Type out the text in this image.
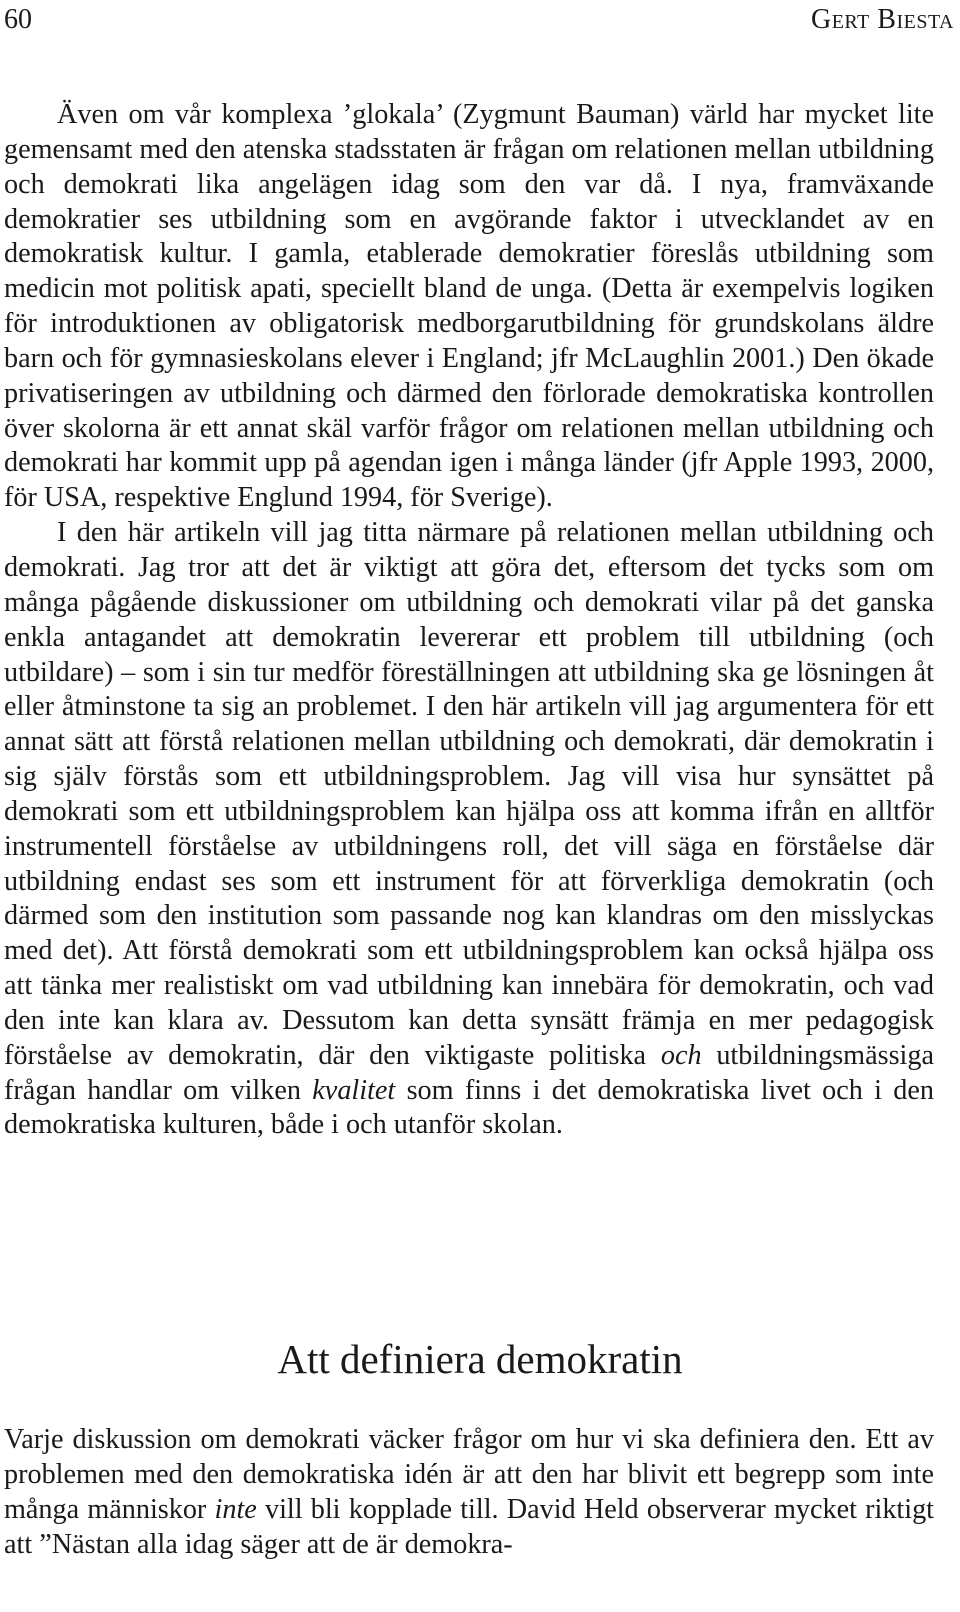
60	Gert Biesta

Även om vår komplexa ’glokala’ (Zygmunt Bauman) värld har mycket lite gemensamt med den atenska stadsstaten är frågan om relationen mellan utbildning och demokrati lika angelägen idag som den var då. I nya, framväxande demokratier ses utbildning som en avgörande faktor i utvecklandet av en demokratisk kultur. I gamla, etablerade demokratier föreslås utbildning som medicin mot politisk apati, speciellt bland de unga. (Detta är exempelvis logiken för introduktionen av obligatorisk medborgarutbildning för grundskolans äldre barn och för gymnasieskolans elever i England; jfr McLaughlin 2001.) Den ökade privatiseringen av utbildning och därmed den förlorade demokratiska kontrollen över skolorna är ett annat skäl varför frågor om relationen mellan utbildning och demokrati har kommit upp på agendan igen i många länder (jfr Apple 1993, 2000, för USA, respektive Englund 1994, för Sverige).

I den här artikeln vill jag titta närmare på relationen mellan utbildning och demokrati. Jag tror att det är viktigt att göra det, eftersom det tycks som om många pågående diskussioner om utbildning och demokrati vilar på det ganska enkla antagandet att demokratin levererar ett problem till utbildning (och utbildare) – som i sin tur medför föreställningen att utbildning ska ge lösningen åt eller åtminstone ta sig an problemet. I den här artikeln vill jag argumentera för ett annat sätt att förstå relationen mellan utbildning och demokrati, där demokratin i sig själv förstås som ett utbildningsproblem. Jag vill visa hur synsättet på demokrati som ett utbildningsproblem kan hjälpa oss att komma ifrån en alltför instrumentell förståelse av utbildningens roll, det vill säga en förståelse där utbildning endast ses som ett instrument för att förverkliga demokratin (och därmed som den institution som passande nog kan klandras om den misslyckas med det). Att förstå demokrati som ett utbildningsproblem kan också hjälpa oss att tänka mer realistiskt om vad utbildning kan innebära för demokratin, och vad den inte kan klara av. Dessutom kan detta synsätt främja en mer pedagogisk förståelse av demokratin, där den viktigaste politiska och utbildningsmässiga frågan handlar om vilken kvalitet som finns i det demokratiska livet och i den demokratiska kulturen, både i och utanför skolan.

Att definiera demokratin

Varje diskussion om demokrati väcker frågor om hur vi ska definiera den. Ett av problemen med den demokratiska idén är att den har blivit ett begrepp som inte många människor inte vill bli kopplade till. David Held observerar mycket riktigt att ”Nästan alla idag säger att de är demokra-
